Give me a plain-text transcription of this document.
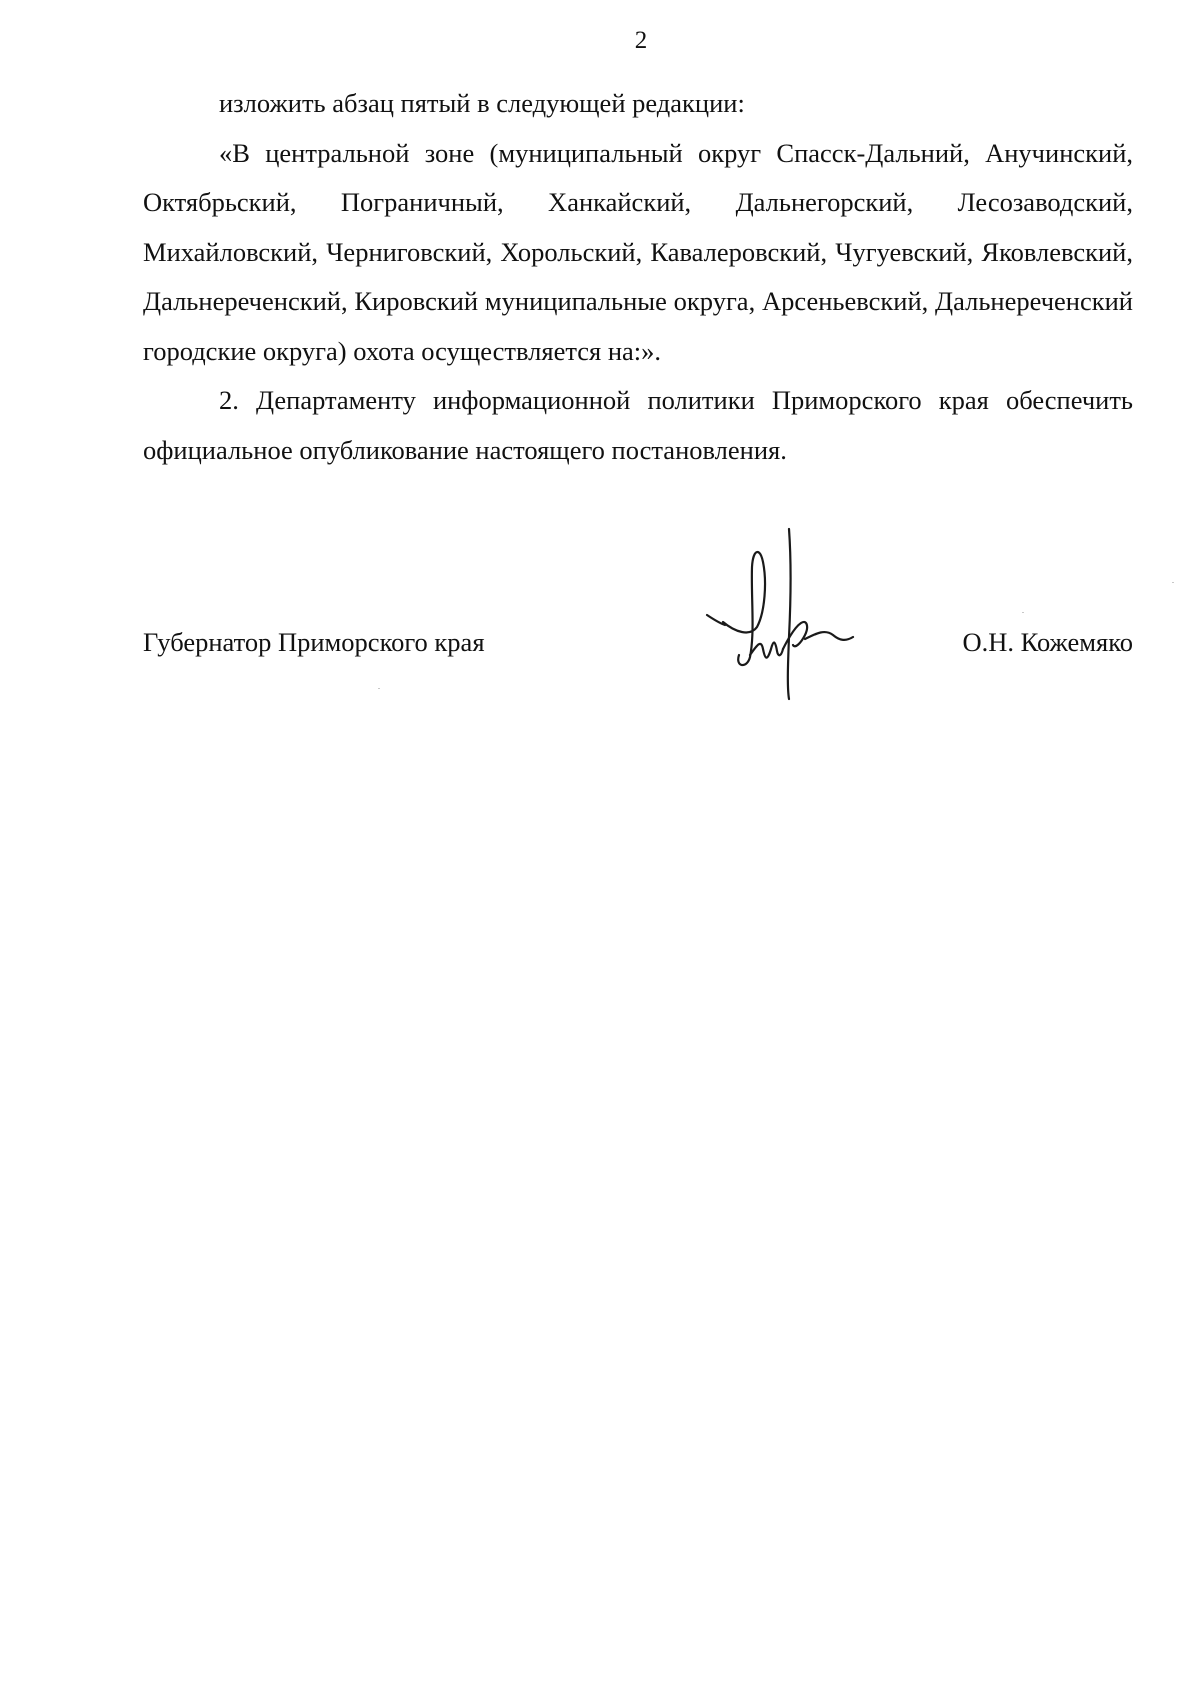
2

изложить абзац пятый в следующей редакции:

«В центральной зоне (муниципальный округ Спасск-Дальний, Анучинский, Октябрьский, Пограничный, Ханкайский, Дальнегорский, Лесозаводский, Михайловский, Черниговский, Хорольский, Кавалеровский, Чугуевский, Яковлевский, Дальнереченский, Кировский муниципальные округа, Арсеньевский, Дальнереченский городские округа) охота осуществляется на:».

2. Департаменту информационной политики Приморского края обеспечить официальное опубликование настоящего постановления.

Губернатор Приморского края	О.Н. Кожемяко
